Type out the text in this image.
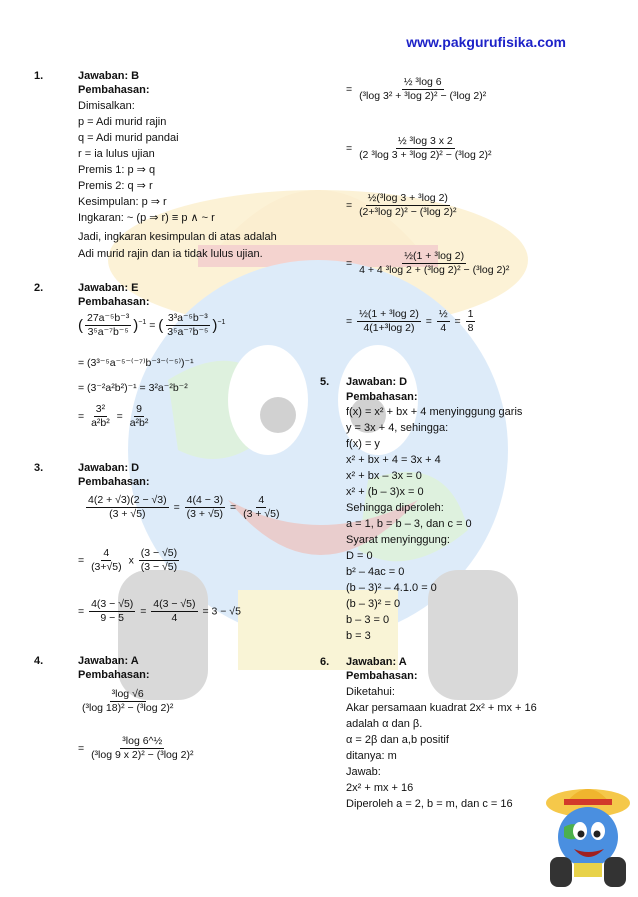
www.pakgurufisika.com
1.	Jawaban: B
Pembahasan:
Dimisalkan:
p = Adi murid rajin
q = Adi murid pandai
r = ia lulus ujian
Premis 1: p ⇒ q
Premis 2: q ⇒ r
Kesimpulan: p ⇒ r
Ingkaran: ~ (p ⇒ r) ≡ p ∧ ~ r
Jadi, ingkaran kesimpulan di atas adalah
Adi murid rajin dan ia tidak lulus ujian.
2.	Jawaban: E
Pembahasan:
( $\frac{\text{27a⁻⁵b⁻³}}{\text{3⁵a⁻⁷b⁻⁵}} )^{-1}$ = ( $\frac{\text{3³a⁻⁵b⁻³}}{\text{3⁵a⁻⁷b⁻⁵}} )^{-1}$
= (3³⁻⁵a⁻⁵⁻⁽⁻⁷⁾b⁻³⁻⁽⁻⁵⁾)⁻¹
= (3⁻²a²b²)⁻¹ = 3²a⁻²b⁻²
= $\frac{\text{3²}}{\text{a²b²}} = \frac{9}{\text{a²b²}}$
3.	Jawaban: D
Pembahasan:
$\frac{4(2 + √3)(2 - √3)}{(3 + √5)} = \frac{4(4 - 3)}{(3 + √5)} = \frac{4}{(3 + √5)}$
= $\frac{4}{(3+√5)}$ x $\frac{(3 - √5)}{(3 - √5)}$
= $\frac{4(3 - √5)}{9 - 5} = \frac{4(3 - √5)}{4} = 3 - √5$
4.	Jawaban: A
Pembahasan:
$\frac{\text{³log √6}}{\text{(³log 18)² − (³log 2)²}}$
= $\frac{\text{³log 6\textasciicircum{}½}}{\text{(³log 9 x 2)² − (³log 2)²}}$
= $\frac{\text{½ ³log 6}}{\text{(³log 3² + ³log 2)² − (³log 2)²}}$
= $\frac{\text{½ ³log 3 x 2}}{\text{(2 ³log 3 + ³log 2)² − (³log 2)²}}$
= $\frac{\text{½(³log 3 + ³log 2)}}{\text{(2+³log 2)² − (³log 2)²}}$
= $\frac{\text{½(1 + ³log 2)}}{\text{4 + 4 ³log 2 + (³log 2)² − (³log 2)²}}$
= $\frac{\text{½(1 + ³log 2)}}{\text{4(1+³log 2)}} = \frac{\text{½}}{4} = \frac{1}{8}$
5. Jawaban: D
Pembahasan:
f(x) = x² + bx + 4 menyinggung garis
y = 3x + 4, sehingga:
f(x) = y
x² + bx + 4 = 3x + 4
x² + bx – 3x = 0
x² + (b – 3)x = 0
Sehingga diperoleh:
a = 1, b = b – 3, dan c = 0
Syarat menyinggung:
D = 0
b² – 4ac = 0
(b – 3)² – 4.1.0 = 0
(b – 3)² = 0
b – 3 = 0
b = 3
6. Jawaban: A
Pembahasan:
Diketahui:
Akar persamaan kuadrat 2x² + mx + 16
adalah α dan β.
α = 2β dan a,b positif
ditanya: m
Jawab:
2x² + mx + 16
Diperoleh a = 2, b = m, dan c = 16
